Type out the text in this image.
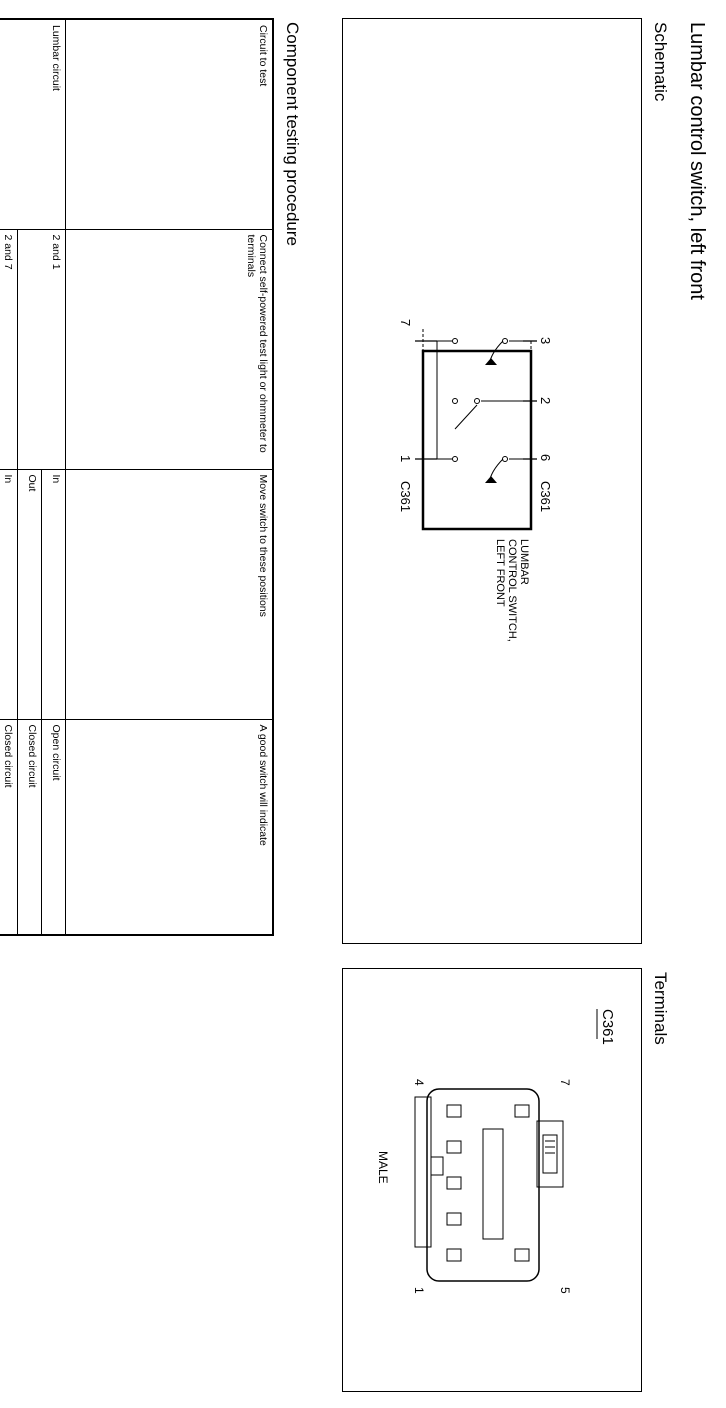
Lumbar control switch, left front
Schematic
3
2
6
C361
7
1
C361
LUMBAR
CONTROL SWITCH,
LEFT FRONT
Terminals
C361
MALE
7
5
4
1
Component testing procedure
Circuit to test	Connect self-powered test light or ohmmeter to terminals	Move switch to these positions	A good switch will indicate
Lumbar circuit	2 and 1	In	Open circuit
		Out	Closed circuit
	2 and 7	In	Closed circuit
